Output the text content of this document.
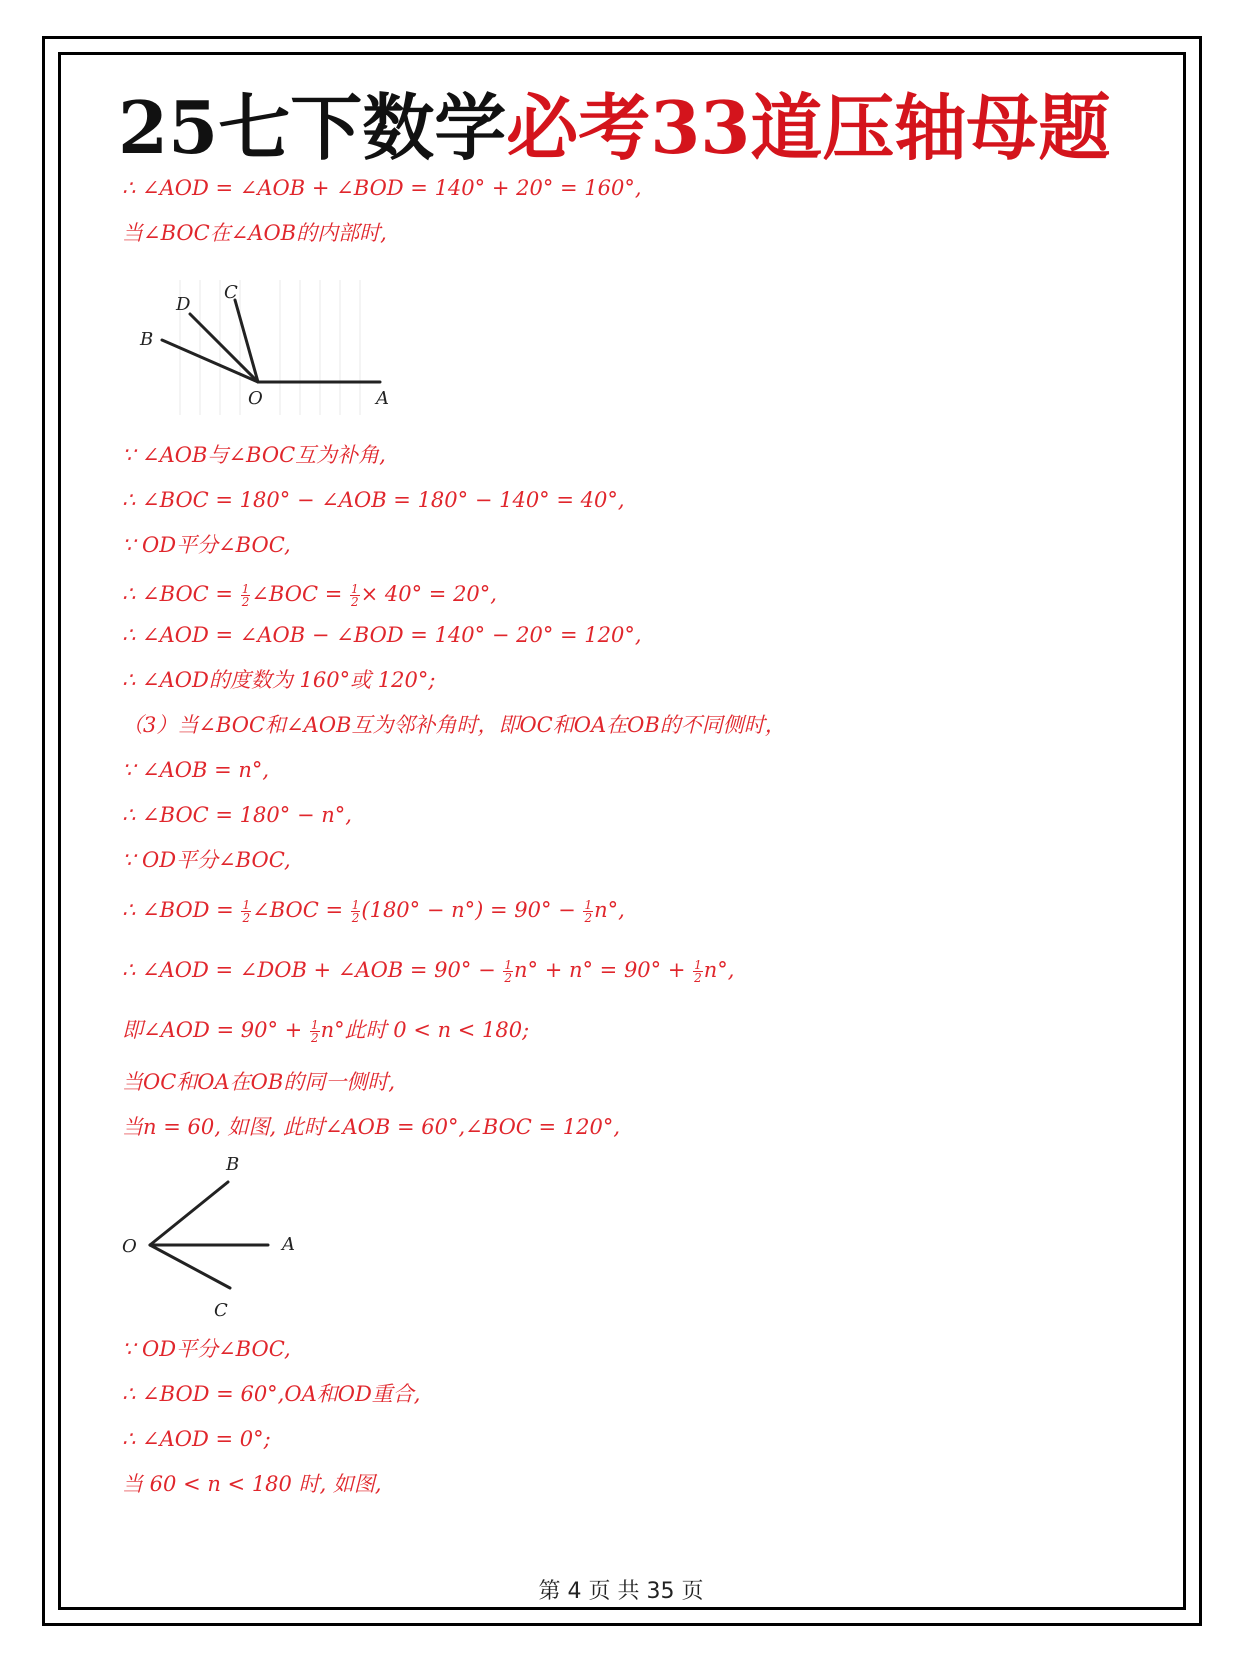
25七下数学必考33道压轴母题
∴ ∠AOD = ∠AOB + ∠BOD = 140° + 20° = 160°,
当∠BOC在∠AOB的内部时,
D
C
B
O	A
∵ ∠AOB与∠BOC互为补角,
∴ ∠BOC = 180° − ∠AOB = 180° − 140° = 40°,
∵ OD平分∠BOC,
∴ ∠BOC = $\frac{1}{2}$ ∠BOC = $\frac{1}{2} \times 40^\circ = 20^\circ$,
∴ ∠AOD = ∠AOB − ∠BOD = 140° − 20° = 120°,
∴ ∠AOD的度数为 160°或 120°;
（3）当∠BOC和∠AOB互为邻补角时，即OC和OA在OB的不同侧时，
∵ ∠AOB = n°,
∴ ∠BOC = 180° − n°,
∵ OD平分∠BOC,
∴ ∠BOD = $\frac{1}{2}$ ∠BOC = $\frac{1}{2} (180^\circ - n^\circ) = 90^\circ - \frac{1}{2} n^\circ$,
∴ ∠AOD = ∠DOB + ∠AOB = $90^\circ - \frac{1}{2} n^\circ + n^\circ = 90^\circ + \frac{1}{2} n^\circ$,
即∠AOD = $90^\circ + \frac{1}{2} n^\circ$此时 0 < n < 180;
当OC和OA在OB的同一侧时,
当n = 60, 如图, 此时∠AOB = 60°,∠BOC = 120°,
B
O	A
C
∵ OD平分∠BOC,
∴ ∠BOD = 60°,OA和OD重合,
∴ ∠AOD = 0°;
当 60 < n < 180 时, 如图,
第 4 页 共 35 页
